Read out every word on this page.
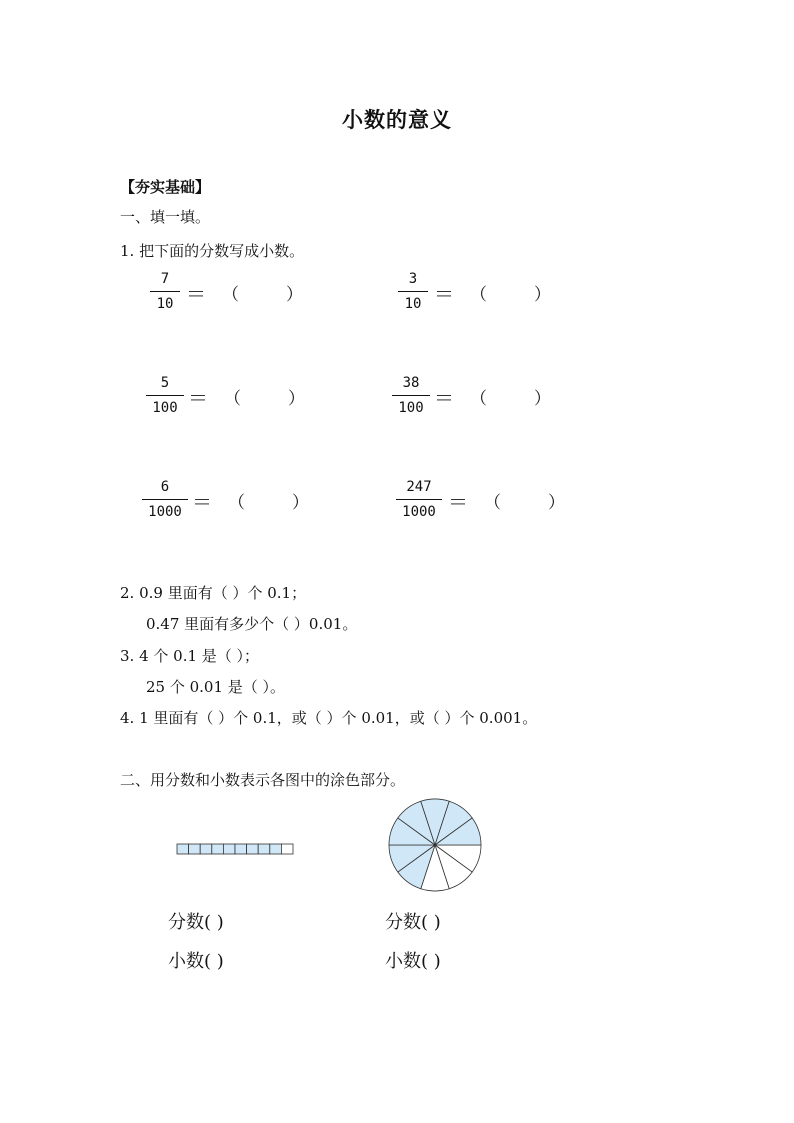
小数的意义
【夯实基础】
一、填一填。
1. 把下面的分数写成小数。
7
10 ＝ （	）
3
10 ＝ （	）
5
100 ＝ （	）
38
100 ＝ （	）
6
1000 ＝ （	）
247
1000 ＝ （	）
2. 0.9 里面有（ ）个 0.1；
0.47 里面有多少个（ ）0.01。
3. 4 个 0.1 是（ ）；
25 个 0.01 是（ ）。
4. 1 里面有（ ）个 0.1，或（ ）个 0.01，或（ ）个 0.001。
二、用分数和小数表示各图中的涂色部分。
分数( )
小数( )
分数( )
小数( )
